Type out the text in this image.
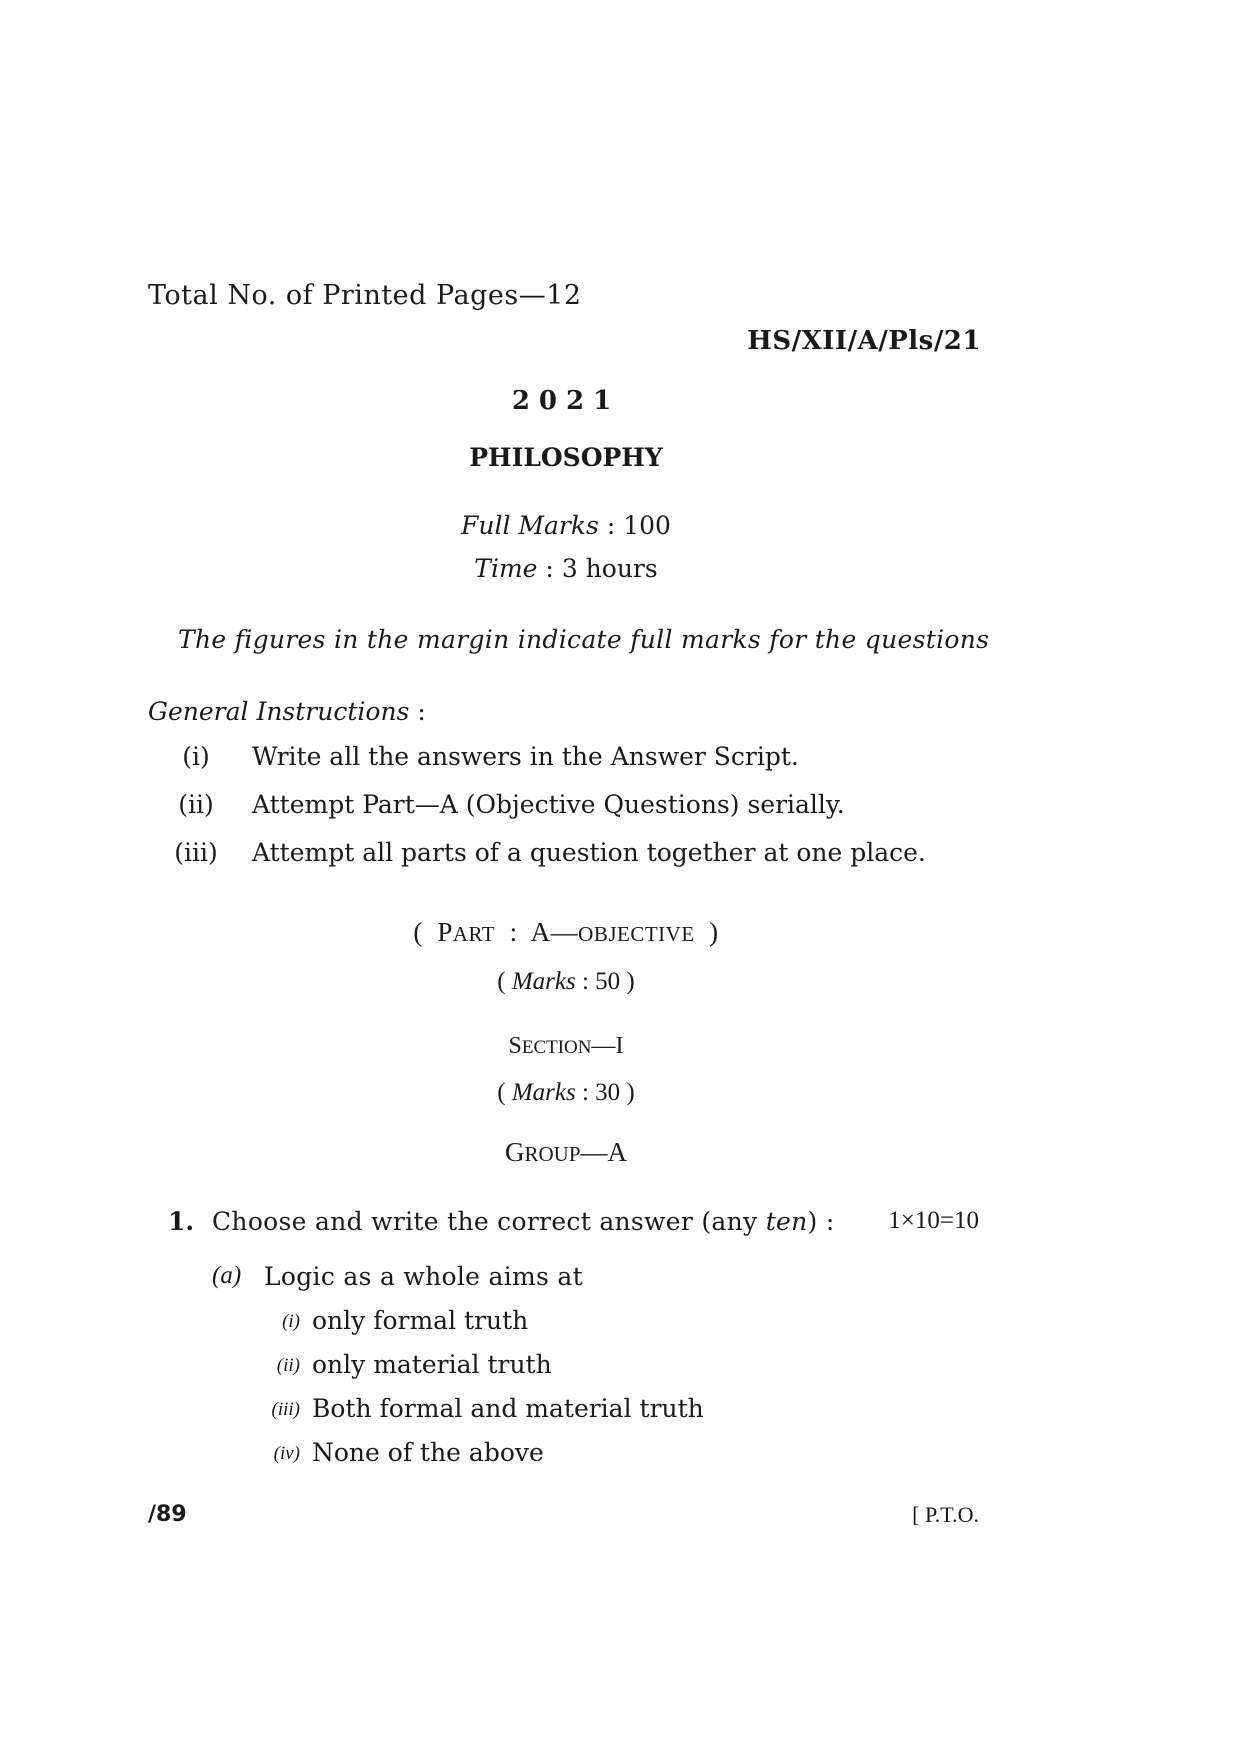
Total No. of Printed Pages—12
HS/XII/A/Pls/21
2021
PHILOSOPHY
Full Marks : 100
Time : 3 hours
The figures in the margin indicate full marks for the questions
General Instructions :
(i)	Write all the answers in the Answer Script.
(ii)	Attempt Part—A (Objective Questions) serially.
(iii)	Attempt all parts of a question together at one place.
( PART : A—OBJECTIVE )
( Marks : 50 )
SECTION—I
( Marks : 30 )
GROUP—A
1. Choose and write the correct answer (any ten) : 1×10=10
(a) Logic as a whole aims at
(i) only formal truth
(ii) only material truth
(iii) Both formal and material truth
(iv) None of the above
/89	[ P.T.O.
